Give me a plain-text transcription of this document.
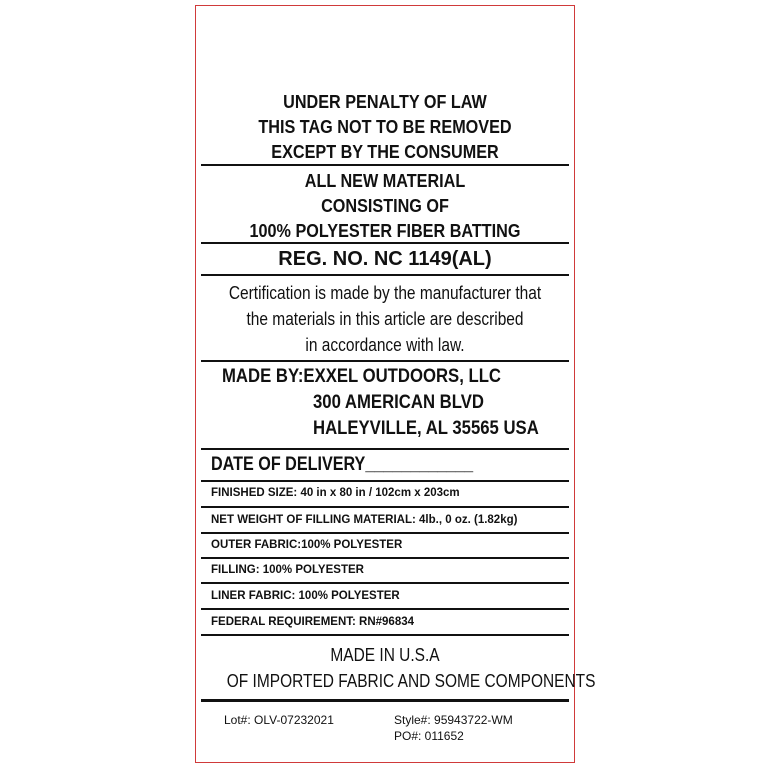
UNDER PENALTY OF LAW
THIS TAG NOT TO BE REMOVED
EXCEPT BY THE CONSUMER
ALL NEW MATERIAL
CONSISTING OF
100% POLYESTER FIBER BATTING
REG. NO. NC 1149(AL)
Certification is made by the manufacturer that
the materials in this article are described
in accordance with law.
MADE BY:EXXEL OUTDOORS, LLC
300 AMERICAN BLVD
HALEYVILLE, AL 35565 USA
DATE OF DELIVERY____________
FINISHED SIZE: 40 in x 80 in / 102cm x 203cm
NET WEIGHT OF FILLING MATERIAL: 4lb., 0 oz. (1.82kg)
OUTER FABRIC:100% POLYESTER
FILLING: 100% POLYESTER
LINER FABRIC: 100% POLYESTER
FEDERAL REQUIREMENT: RN#96834
MADE IN U.S.A
OF IMPORTED FABRIC AND SOME COMPONENTS
Lot#: OLV-07232021	Style#: 95943722-WM
PO#: 011652
